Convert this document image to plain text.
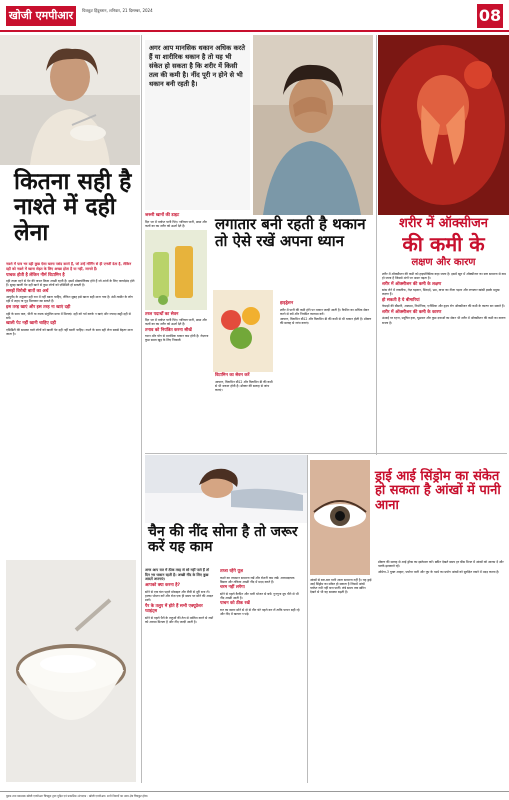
खोजी एमपीआर	चित्रकूट हिंदुस्तान, शनिवार, 21 दिसम्बर, 2024	08
कितना सही है नाश्ते में दही लेना

नाश्ते में पाव भर दही कुछ ऐसा खाना पसंद करते हैं, जो उन्हें मॉर्निंग से ही एनर्जी देता है, लेकिन दही को नाश्ते में खाना सेहत के लिए अच्छा होता है या नहीं, जानते हैं।

पाचक होती है लेकिन नीर्म विटामिन है

दही ताज़ा रहने से पेट की पाचन क्रिया अच्छी रहती है। इसमें प्रोबायोटिक्स होते हैं जो आंतों के लिए फायदेमंद होते हैं। सुबह खाली पेट दही खाने से कुछ लोगों को एसिडिटी हो सकती है।

समझें विरोधी बातों का अर्थ

आयुर्वेद के अनुसार दही रात में नहीं खाना चाहिए, लेकिन सुबह इसे खाना सही माना गया है। ठंडी तासीर के लोग दही में शहद या गुड़ मिलाकर खा सकते हैं।

इस तरह खाएं और इस तरह ना खाएं दही

दही के साथ फल, चीनी या नमक संतुलित मात्रा में मिलाएं। दही को गर्म करके न खाएं और ज्यादा खट्टी दही से बचें।

खाली पेट नहीं खानी चाहिए दही

एसिडिटी की समस्या वाले लोगों को खाली पेट दही नहीं खानी चाहिए। नाश्ते के साथ दही लेना सबसे बेहतर माना जाता है।

अगर आप मानसिक थकान अधिक करते हैं या शारीरिक थकान है तो यह भी संकेत हो सकता है कि शरीर में किसी तत्व की कमी है। नींद पूरी न होने से भी थकान बनी रहती है।

जरूरी खानों की डाइट

दिन भर में पर्याप्त पानी पिएं। नारियल पानी, छाछ और फलों का रस शरीर को ऊर्जा देते हैं।

तरल पदार्थों का सेवन

दिन भर में पर्याप्त पानी पिएं। नारियल पानी, छाछ और फलों का रस शरीर को ऊर्जा देते हैं।

तनाव को नियंत्रित करना सीखें

ध्यान और योग से मानसिक थकान कम होती है। रोज़ाना कुछ समय खुद के लिए निकालें।

लगातार बनी रहती है थकान तो ऐसे रखें अपना ध्यान
विटामिन का सेवन करें

आयरन, विटामिन बी12 और विटामिन डी की कमी से भी थकान होती है। डॉक्टर की सलाह से जांच कराएं।

हाइड्रेशन

शरीर में पानी की कमी होने पर थकान जल्दी आती है। कैफीन का अधिक सेवन करने से बचें और नियमित व्यायाम करें।

आयरन, विटामिन बी12 और विटामिन डी की कमी से भी थकान होती है। डॉक्टर की सलाह से जांच कराएं।

शरीर में ऑक्सीजन
की कमी के
लक्षण और कारण

शरीर में ऑक्सीजन की कमी को हाइपोक्सिया कहा जाता है। इसमें खून में ऑक्सीजन का स्तर सामान्य से कम हो जाता है जिससे अंगों पर असर पड़ता है।

शरीर में ऑक्सीजन की कमी के लक्षण

सांस लेने में तकलीफ, तेज़ धड़कन, सिरदर्द, भ्रम, त्वचा का नीला पड़ना और लगातार खांसी इसके प्रमुख लक्षण हैं।

हो सकती है ये बीमारियां

फेफड़ों की बीमारी, अस्थमा, निमोनिया, एनीमिया और हृदय रोग ऑक्सीजन की कमी के कारण बन सकते हैं।

शरीर में ऑक्सीजन की कमी के कारण

ऊंचाई पर रहना, प्रदूषित हवा, धूम्रपान और कुछ दवाओं का सेवन भी शरीर में ऑक्सीजन की कमी का कारण बनता है।

चैन की नींद सोना है तो जरूर करें यह काम

अगर आप रात में ठीक तरह से सो नहीं पाते हैं तो दिन भर थकान रहती है। अच्छी नींद के लिए कुछ आदतें अपनाएं।

आपको क्या करना है?

सोने से एक घंटा पहले मोबाइल और टीवी से दूरी बना लें। हल्का भोजन करें और रोज़ एक ही समय पर सोने की आदत डालें।

पैर के तलुए में होते हैं सभी एक्यूप्रेशर प्वाइंट्स

सोने से पहले पैरों के तलुओं की तेल से मालिश करने से नसों को आराम मिलता है और नींद जल्दी आती है।

ताजा रहेंगे यूज़

कमरे का तापमान सामान्य रखें और रोशनी कम रखें। आरामदायक बिस्तर और तकिया अच्छी नींद में मदद करते हैं।

चरम नहीं लगेगा

सोने से पहले कैफीन और भारी भोजन से बचें। गुनगुना दूध पीने से भी नींद अच्छी आती है।

पाचन को ठीक रखें

रात का खाना सोने से दो से तीन घंटे पहले कर लें ताकि पाचन सही रहे और नींद में खलल न पड़े।

ड्राई आई सिंड्रोम का संकेत हो सकता है आंखों में पानी आना

आंखों से बार-बार पानी आना सामान्य नहीं है। यह ड्राई आई सिंड्रोम का संकेत हो सकता है जिसमें आंखें पर्याप्त नमी नहीं बना पातीं। लंबे समय तक स्क्रीन देखने से भी यह समस्या बढ़ती है।

डॉक्टर की सलाह से आई ड्रॉप्स का इस्तेमाल करें। स्क्रीन देखते समय हर बीस मिनट में आंखों को आराम दें और पलकें झपकाते रहें।

ओमेगा-3 युक्त आहार, पर्याप्त पानी और धूप के चश्मे का प्रयोग आंखों को सुरक्षित रखने में मदद करता है।

मुद्रक तथा प्रकाशक खोजी एमपीआर चित्रकूट द्वारा मुद्रित एवं प्रकाशित। संपादक : खोजी एमपीआर। सभी विवादों का न्याय क्षेत्र चित्रकूट होगा।
